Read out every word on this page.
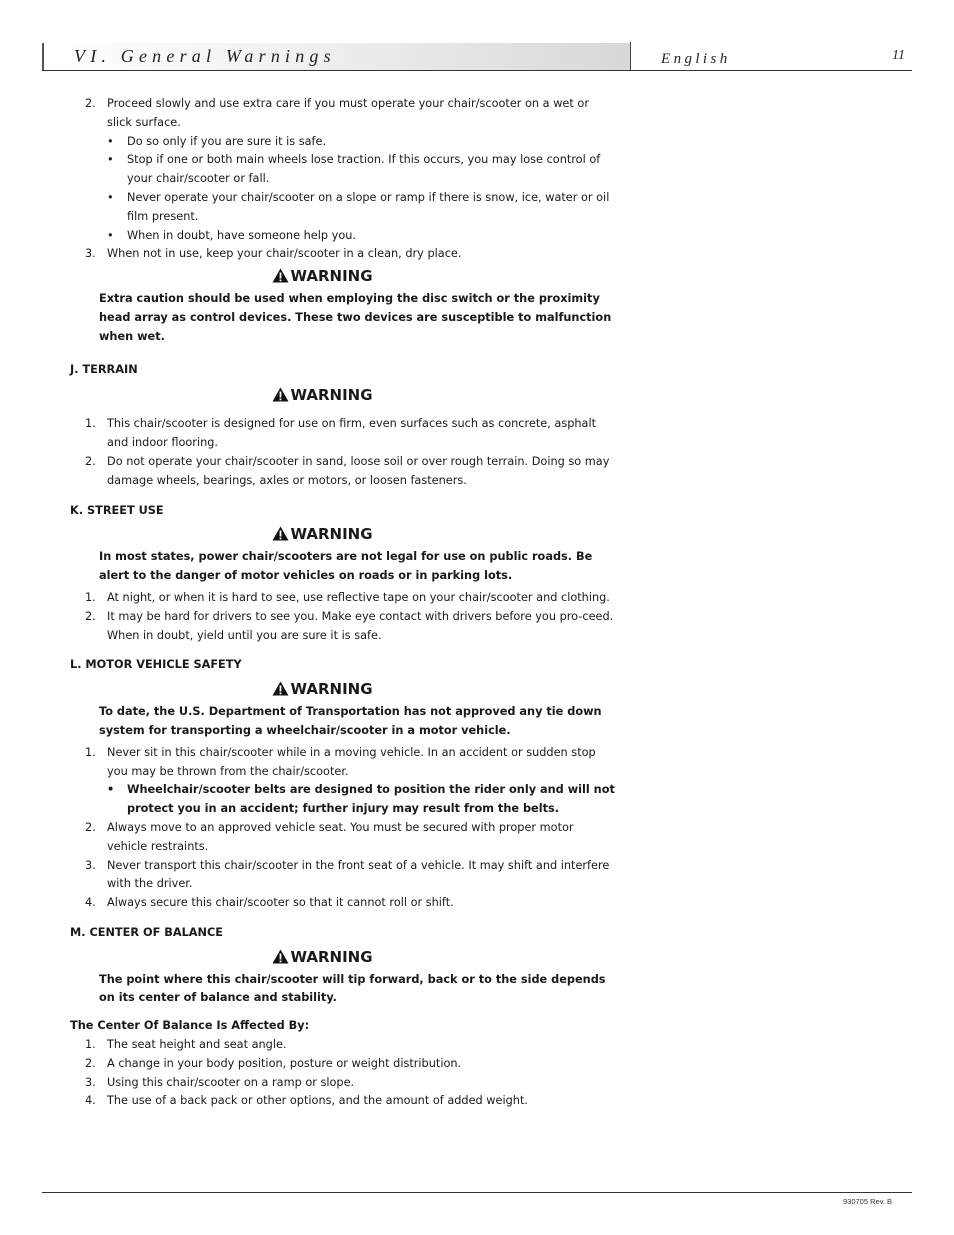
VI. General Warnings	English	11
2. Proceed slowly and use extra care if you must operate your chair/scooter on a wet or slick surface.
• Do so only if you are sure it is safe.
• Stop if one or both main wheels lose traction. If this occurs, you may lose control of your chair/scooter or fall.
• Never operate your chair/scooter on a slope or ramp if there is snow, ice, water or oil film present.
• When in doubt, have someone help you.
3. When not in use, keep your chair/scooter in a clean, dry place.
WARNING
Extra caution should be used when employing the disc switch or the proximity head array as control devices. These two devices are susceptible to malfunction when wet.
J. TERRAIN
WARNING
1. This chair/scooter is designed for use on firm, even surfaces such as concrete, asphalt and indoor flooring.
2. Do not operate your chair/scooter in sand, loose soil or over rough terrain. Doing so may damage wheels, bearings, axles or motors, or loosen fasteners.
K. STREET USE
WARNING
In most states, power chair/scooters are not legal for use on public roads. Be alert to the danger of motor vehicles on roads or in parking lots.
1. At night, or when it is hard to see, use reflective tape on your chair/scooter and clothing.
2. It may be hard for drivers to see you. Make eye contact with drivers before you pro-ceed. When in doubt, yield until you are sure it is safe.
L. MOTOR VEHICLE SAFETY
WARNING
To date, the U.S. Department of Transportation has not approved any tie down system for transporting a wheelchair/scooter in a motor vehicle.
1. Never sit in this chair/scooter while in a moving vehicle. In an accident or sudden stop you may be thrown from the chair/scooter.
• Wheelchair/scooter belts are designed to position the rider only and will not protect you in an accident; further injury may result from the belts.
2. Always move to an approved vehicle seat. You must be secured with proper motor vehicle restraints.
3. Never transport this chair/scooter in the front seat of a vehicle. It may shift and interfere with the driver.
4. Always secure this chair/scooter so that it cannot roll or shift.
M. CENTER OF BALANCE
WARNING
The point where this chair/scooter will tip forward, back or to the side depends on its center of balance and stability.
The Center Of Balance Is Affected By:
1. The seat height and seat angle.
2. A change in your body position, posture or weight distribution.
3. Using this chair/scooter on a ramp or slope.
4. The use of a back pack or other options, and the amount of added weight.
930705 Rev. B
